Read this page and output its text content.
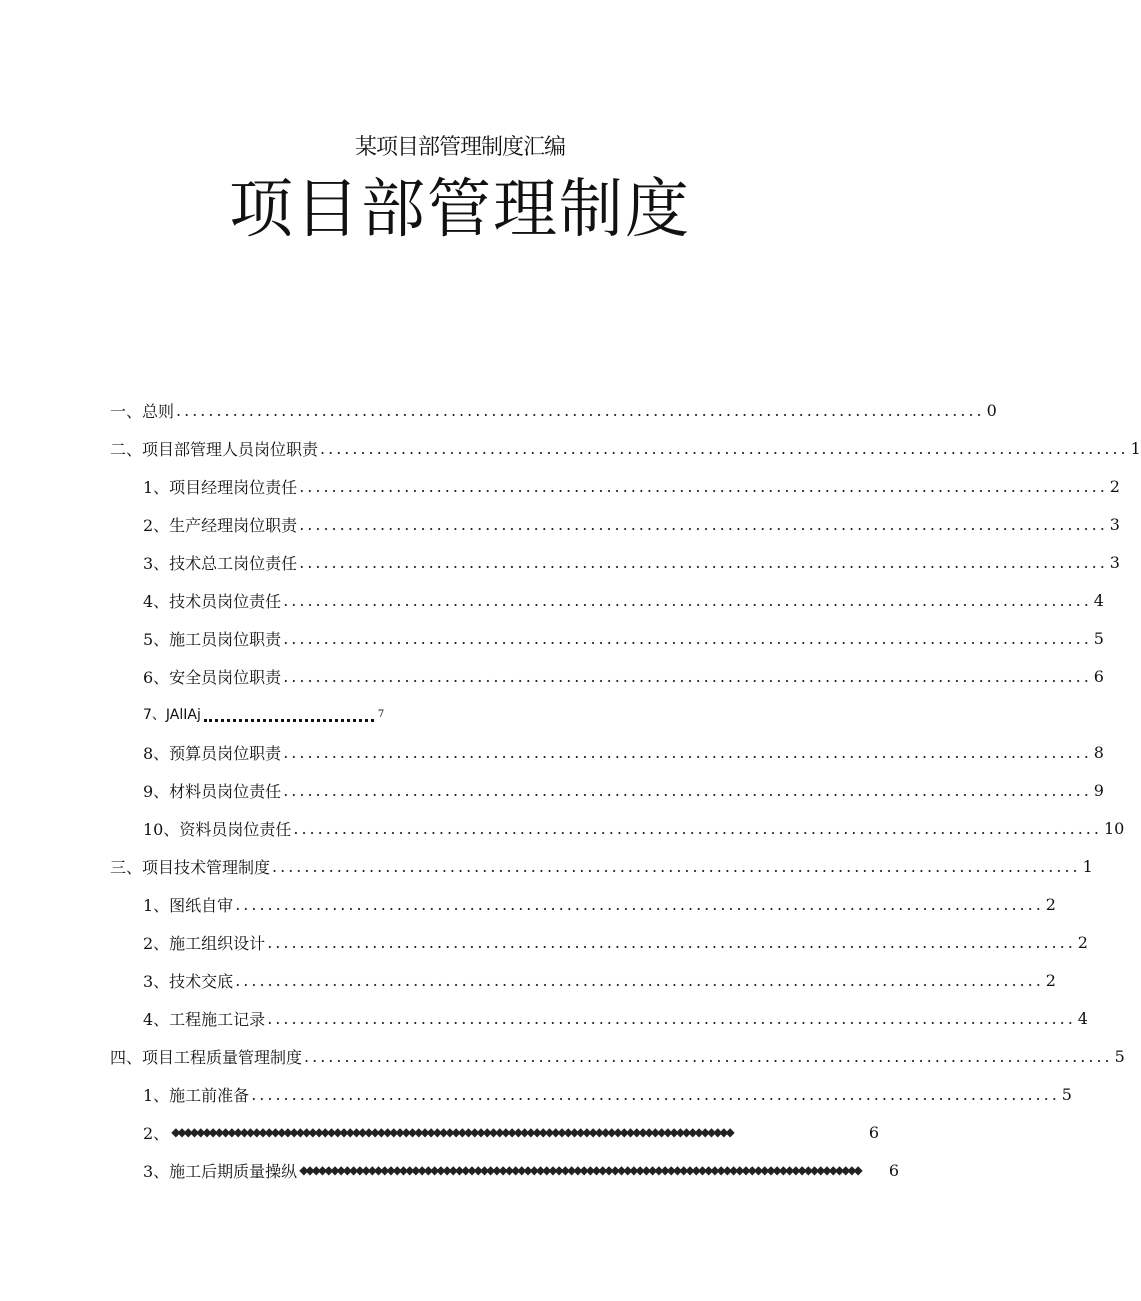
某项目部管理制度汇编
项目部管理制度
一、总则 .................................................................................................... 0
二、项目部管理人员岗位职责 .................................................................................................... 1
1、项目经理岗位责任 .................................................................................................... 2
2、生产经理岗位职责 .................................................................................................... 3
3、技术总工岗位责任 .................................................................................................... 3
4、技术员岗位责任 .................................................................................................... 4
5、施工员岗位职责 .................................................................................................... 5
6、安全员岗位职责 .................................................................................................... 6
7、JAlIAj	7
8、预算员岗位职责 .................................................................................................... 8
9、材料员岗位责任 .................................................................................................... 9
10、资料员岗位责任 .................................................................................................... 10
三、项目技术管理制度 .................................................................................................... 1
1、图纸自审 .................................................................................................... 2
2、施工组织设计 .................................................................................................... 2
3、技术交底 .................................................................................................... 2
4、工程施工记录 .................................................................................................... 4
四、项目工程质量管理制度 .................................................................................................... 5
1、施工前准备 .................................................................................................... 5
2、 ◆◆◆◆◆◆◆◆◆◆◆◆◆◆◆◆◆◆◆◆◆◆◆◆◆◆◆◆◆◆◆◆◆◆◆◆◆◆◆◆◆◆◆◆◆◆◆◆◆◆◆◆◆◆◆◆◆◆◆◆◆◆◆◆◆◆◆◆◆◆◆◆◆◆◆◆◆◆◆◆◆◆◆◆◆◆◆◆◆◆	6
3、施工后期质量操纵 ◆◆◆◆◆◆◆◆◆◆◆◆◆◆◆◆◆◆◆◆◆◆◆◆◆◆◆◆◆◆◆◆◆◆◆◆◆◆◆◆◆◆◆◆◆◆◆◆◆◆◆◆◆◆◆◆◆◆◆◆◆◆◆◆◆◆◆◆◆◆◆◆◆◆◆◆◆◆◆◆◆◆◆◆◆◆◆◆◆◆	6
